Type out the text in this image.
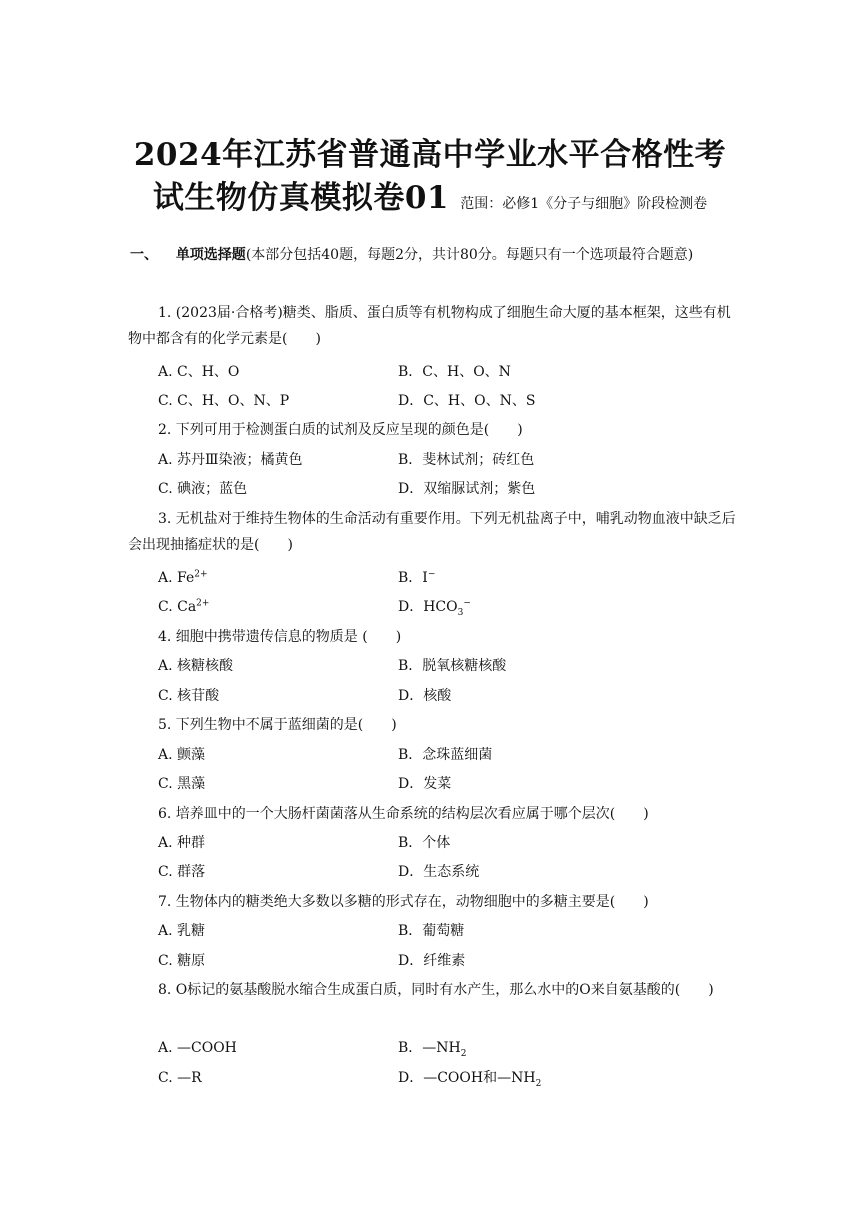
2024年江苏省普通高中学业水平合格性考
试生物仿真模拟卷01 范围：必修1《分子与细胞》阶段检测卷
一、 单项选择题(本部分包括40题，每题2分，共计80分。每题只有一个选项最符合题意)
1. (2023届·合格考)糖类、脂质、蛋白质等有机物构成了细胞生命大厦的基本框架，这些有机物中都含有的化学元素是(　　)
A. C、H、O	B．C、H、O、N
C. C、H、O、N、P	D．C、H、O、N、S
2. 下列可用于检测蛋白质的试剂及反应呈现的颜色是(　　)
A. 苏丹Ⅲ染液；橘黄色	B．斐林试剂；砖红色
C. 碘液；蓝色	D．双缩脲试剂；紫色
3. 无机盐对于维持生物体的生命活动有重要作用。下列无机盐离子中，哺乳动物血液中缺乏后会出现抽搐症状的是(　　)
A. $Fe^{2+}$	B．I−
C. $Ca^{2+}$	D．$HCO_3^-$
4. 细胞中携带遗传信息的物质是 (　　)
A. 核糖核酸	B．脱氧核糖核酸
C. 核苷酸	D．核酸
5. 下列生物中不属于蓝细菌的是(　　)
A. 颤藻	B．念珠蓝细菌
C. 黑藻	D．发菜
6. 培养皿中的一个大肠杆菌菌落从生命系统的结构层次看应属于哪个层次(　　)
A. 种群	B．个体
C. 群落	D．生态系统
7. 生物体内的糖类绝大多数以多糖的形式存在，动物细胞中的多糖主要是(　　)
A. 乳糖	B．葡萄糖
C. 糖原	D．纤维素
8. O标记的氨基酸脱水缩合生成蛋白质，同时有水产生，那么水中的O来自氨基酸的(　　)
A. —COOH	B．$—NH_2$
C. —R	D．—COOH和$—NH_2$
